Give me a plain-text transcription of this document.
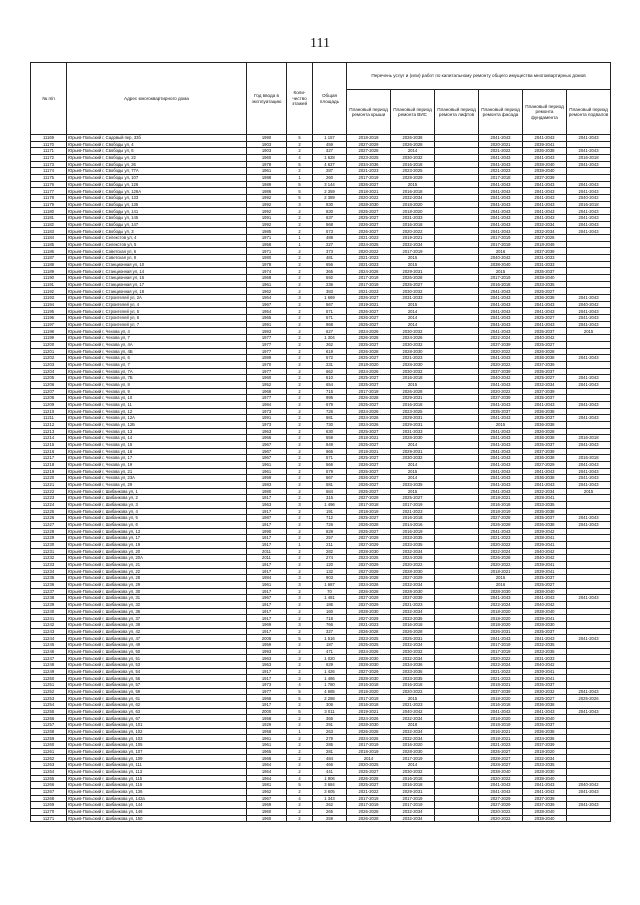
111
№ п/п	Адрес многоквартирного дома	Год ввода в эксплуатацию	Коли-чество этажей	Общая площадь	Перечень услуг и (или) работ по капитальному ремонту общего имущества многоквартирных домов					
					Плановый период ремонта крыши	Плановый период ремонта ВИС	Плановый период ремонта лифтов	Плановый период ремонта фасада	Плановый период ремонта фундамента	Плановый период ремонта подвалов
11169	Юрьев-Польский г, Садовый пер, 33б	1990	5	1 157	2018-2019	2026-2038		2041-2043	2041-2043	2041-2043
11170	Юрьев-Польский г, Свободы ул, 4	1903	2	459	2027-2029	2026-2028		2020-2021	2039-2041	
11171	Юрьев-Польский г, Свободы ул, 6	1903	2	327	2027-2028	2014		2021-2022	2036-2038	2041-2043
11172	Юрьев-Польский г, Свободы ул, 22	1960	4	1 628	2023-2025	2030-2032		2041-2043	2041-2043	2016-2018
11173	Юрьев-Польский г, Свободы ул, 26	1978	5	4 627	2034-2036	2016-2018		2041-2043	2038-2040	2041-2043
11174	Юрьев-Польский г, Свободы ул, 77А	1961	2	287	2021-2023	2023-2025		2021-2023	2038-2040	
11175	Юрьев-Польский г, Свободы ул, 107	1988	1	260	2017-2019	2028-2029		2017-2018	2037-2039	
11176	Юрьев-Польский г, Свободы ул, 126	1989	5	3 144	2026-2027	2015		2041-2043	2041-2043	2041-2043
11177	Юрьев-Польский г, Свободы ул, 126А	1986	5	2 359	2018-2021	2016-2018		2041-2043	2041-2043	2041-2043
11178	Юрьев-Польский г, Свободы ул, 133	1992	5	2 389	2020-2022	2032-2034		2041-2043	2041-2043	2040-2042
11179	Юрьев-Польский г, Свободы ул, 135	1992	3	830	2028-2030	2018-2020		2041-2043	2041-2043	2016-2018
11180	Юрьев-Польский г, Свободы ул, 141	1992	2	830	2025-2027	2018-2020		2041-2043	2041-2043	2041-2043
11181	Юрьев-Польский г, Свободы ул, 145	1991	2	637	2025-2027	2031-2033		2041-2043	2041-2043	2041-2043
11182	Юрьев-Польский г, Свободы ул, 147	1992	2	568	2026-2027	2016-2018		2041-2043	2032-2034	2041-2043
11183	Юрьев-Польский г, Свободы ул, 3	1985	2	573	2026-2027	2020-2022		2041-2043	2032-2034	2041-2043
11184	Юрьев-Польский г, Селекстов ул, 4	1971	1	488	2021-2023	2019-2021		2017-2019	2027-2028	
11185	Юрьев-Польский г, Селекстов ул, 5	1958	1	227	2024-2025	2032-2034		2017-2019	2018-2049	
11186	Юрьев-Польский г, Советская ул, 6	1971	2	373	2020-2022	2017-2019		2016	2037-2039	
11187	Юрьев-Польский г, Советская ул, 8	1980	2	481	2021-2023	2015		2040-2042	2031-2033	
11188	Юрьев-Польский г, Станционная ул, 10	1978	2	656	2021-2023	2015		2038-2040	2031-2033	
11189	Юрьев-Польский г, Станционная ул, 14	1974	2	365	2024-2026	2029-2031		2015	2035-2037	
11190	Юрьев-Польский г, Станционная ул, 16	1968	2	592	2017-2019	2026-2028		2017-2019	2038-2040	
11191	Юрьев-Польский г, Станционная ул, 17	1961	2	236	2017-2019	2025-2027		2016-2018	2033-2035	
11192	Юрьев-Польский г, Станционная ул, 18	1962	2	383	2021-2023	2030-2032		2041-2043	2025-2027	
11193	Юрьев-Польский г, Строителей ул, 2А	1964	3	1 669	2026-2027	2031-2033		2041-2043	2036-2038	2041-2043
11194	Юрьев-Польский г, Строителей ул, 4	1967	2	567	2019-2021	2015		2041-2043	2041-2043	2040-2042
11195	Юрьев-Польский г, Строителей ул, 5	1954	2	571	2026-2027	2014		2041-2043	2041-2043	2041-2043
11196	Юрьев-Польский г, Строителей ул, 6	1965	2	571	2026-2027	2014		2041-2043	2025-2027	2041-2043
11197	Юрьев-Польский г, Строителей ул, 7	1991	2	868	2025-2027	2014		2041-2043	2041-2043	2041-2043
11198	Юрьев-Польский г, Чехова ул, 4	1983	2	627	2024-2026	2030-2032		2041-2043	2035-2037	2015
11199	Юрьев-Польский г, Чехова ул, 7	1977	2	1 304	2026-2028	2024-2026		2022-2024	2040-2042	
11200	Юрьев-Польский г, Чехова ул, 4А	1977	2	262	2025-2027	2030-2032		2037-2039	2025-2027	
11201	Юрьев-Польский г, Чехова ул, 4Б	1977	2	619	2026-2028	2028-2030		2020-2022	2026-2028	
11202	Юрьев-Польский г, Чехова ул, 6	1989	2	572	2025-2027	2021-2023		2041-2043	2036-2038	2041-2043
11203	Юрьев-Польский г, Чехова ул, 7	1970	2	231	2018-2020	2028-2030		2020-2022	2037-2039	
11204	Юрьев-Польский г, Чехова ул, 7А	1977	2	662	2024-2026	2030-2032		2037-2039	2035-2037	
11205	Юрьев-Польский г, Чехова ул, 7Б	1960	2	610	2025-2027	2016-2018		2040-2042	2025-2027	2041-2043
11206	Юрьев-Польский г, Чехова ул, 8	1952	2	654	2025-2027	2015		2041-2043	2032-2034	2041-2043
11207	Юрьев-Польский г, Чехова ул, 9	1968	2	715	2017-2019	2026-2028		2020-2022	2037-2039	
11208	Юрьев-Польский г, Чехова ул, 10	1977	2	995	2026-2028	2029-2031		2037-2039	2035-2037	
11209	Юрьев-Польский г, Чехова ул, 11	1984	2	679	2025-2027	2016-2018		2041-2043	2041-2043	2041-2043
11210	Юрьев-Польский г, Чехова ул, 12	1973	2	726	2024-2026	2023-2025		2035-2037	2036-2038	
11211	Юрьев-Польский г, Чехова ул, 12А	1991	2	681	2024-2026	2029-2031		2041-2043	2035-2037	2041-2043
11212	Юрьев-Польский г, Чехова ул, 12Б	1973	2	730	2024-2026	2029-2031		2015	2036-2038	
11213	Юрьев-Польский г, Чехова ул, 13	1963	2	630	2025-2027	2031-2033		2041-2043	2026-2028	
11214	Юрьев-Польский г, Чехова ул, 14	1966	2	559	2018-2021	2028-2030		2041-2043	2036-2038	2016-2018
11215	Юрьев-Польский г, Чехова ул, 15	1967	2	849	2025-2027	2014		2041-2043	2035-2037	2041-2043
11216	Юрьев-Польский г, Чехова ул, 16	1967	2	966	2018-2021	2029-2031		2041-2043	2037-2039	
11217	Юрьев-Польский г, Чехова ул, 17	1967	2	571	2025-2027	2030-2032		2041-2043	2036-2038	2016-2018
11218	Юрьев-Польский г, Чехова ул, 19	1961	2	566	2026-2027	2014		2041-2043	2027-2029	2041-2043
11219	Юрьев-Польский г, Чехова ул, 21	1961	2	579	2025-2027	2015		2041-2043	2041-2043	2041-2043
11220	Юрьев-Польский г, Чехова ул, 23А	1959	2	567	2026-2027	2014		2041-2043	2036-2038	2041-2043
11221	Юрьев-Польский г, Чехова ул, 29	1983	2	581	2026-2027	2033-2035		2041-2043	2041-2043	2041-2043
11222	Юрьев-Польский г, Шибанкова ул, 1	1980	2	584	2025-2027	2015		2041-2043	2032-2034	2015
11223	Юрьев-Польский г, Шибанкова ул, 2	1917	2	315	2027-2029	2025-2027		2018-2021	2028-2041	
11224	Юрьев-Польский г, Шибанкова ул, 3	1963	3	1 496	2017-2018	2017-2019		2016-2018	2033-2035	
11225	Юрьев-Польский г, Шибанкова ул, 4	1917	2	191	2018-2019	2021-2023		2018-2019	2035-2038	
11226	Юрьев-Польский г, Шибанкова ул, 5	1987	2	712	2025-2027	2016-2018		2027-2028	2035-2037	2041-2043
11227	Юрьев-Польский г, Шибанкова ул, 6	1917	2	726	2026-2028	2014-2016		2026-2028	2036-2038	2041-2043
11228	Юрьев-Польский г, Шибанкова ул, 13	1990	2	829	2025-2027	2016-2019		2041-2043	2039-2042	
11229	Юрьев-Польский г, Шибанкова ул, 17	1917	2	257	2027-2029	2033-2035		2021-2023	2038-2041	
11230	Юрьев-Польский г, Шибанкова ул, 19	1917	1	211	2027-2029	2033-2035		2020-2022	2039-2041	
11231	Юрьев-Польский г, Шибанкова ул, 20	2011	2	282	2028-2030	2032-2034		2022-2024	2040-2042	
11232	Юрьев-Польский г, Шибанкова ул, 20А	2011	2	274	2023-2025	2024-2026		2026-2028	2040-2042	
11233	Юрьев-Польский г, Шибанкова ул, 21	1917	2	120	2027-2029	2020-2022		2020-2022	2039-2041	
11234	Юрьев-Польский г, Шибанкова ул, 22	1917	2	132	2027-2029	2028-2030		2018-2021	2039-2041	
11235	Юрьев-Польский г, Шибанкова ул, 28	1984	3	903	2026-2028	2027-2029		2015	2035-2037	
11236	Юрьев-Польский г, Шибанкова ул, 29	1961	3	1 687	2024-2026	2032-2034		2016	2025-2027	
11237	Юрьев-Польский г, Шибанкова ул, 30	1917	2	70	2026-2028	2028-2030		2028-2030	2038-2040	
11238	Юрьев-Польский г, Шибанкова ул, 31	1967	3	1 481	2027-2029	2037-2039		2041-2043	2041-2043	2041-2043
11239	Юрьев-Польский г, Шибанкова ул, 32	1917	2	186	2027-2029	2021-2023		2022-2024	2040-2042	
11240	Юрьев-Польский г, Шибанкова ул, 36	1917	2	160	2028-2030	2032-2034		2018-2020	2038-2040	
11241	Юрьев-Польский г, Шибанкова ул, 37	1917	2	718	2027-2029	2033-2035		2018-2020	2039-2041	
11242	Юрьев-Польский г, Шибанкова ул, 38	1969	3	766	2021-2023	2016-2018		2018-2020	2028-2030	
11243	Юрьев-Польский г, Шибанкова ул, 42	1917	2	327	2026-2028	2026-2028		2026-2031	2035-2037	
11244	Юрьев-Польский г, Шибанкова ул, 47	2008	5	1 516	2023-2025	2025-2031		2041-2043	2041-2043	2041-2043
11245	Юрьев-Польский г, Шибанкова ул, 49	1959	2	187	2025-2025	2032-2034		2017-2019	2032-2035	
11246	Юрьев-Польский г, Шибанкова ул, 50	1993	2	471	2024-2026	2030-2032		2017-2019	2033-2035	
11247	Юрьев-Польский г, Шибанкова ул, 51	1963	3	1 020	2028-2030	2032-2034		2020-2022	2031-2033	
11248	Юрьев-Польский г, Шибанкова ул, 53	1963	2	629	2028-2030	2034-2036		2022-2024	2040-2042	
11249	Юрьев-Польский г, Шибанкова ул, 54	1917	2	1 426	2027-2029	2033-2035		2021-2023	2039-2041	
11250	Юрьев-Польский г, Шибанкова ул, 56	1917	3	1 486	2028-2030	2033-2035		2021-2023	2039-2041	
11251	Юрьев-Польский г, Шибанкова ул, 57	1973	4	1 780	2016-2018	2016-2018		2018-2021	2035-2037	
11252	Юрьев-Польский г, Шибанкова ул, 59	1977	5	4 685	2018-2020	2020-2022		2037-2039	2030-2032	2041-2043
11253	Юрьев-Польский г, Шибанкова ул, 61	1968	5	2 288	2017-2019	2015		2018-2020	2025-2027	2025-2026
11254	Юрьев-Польский г, Шибанкова ул, 62	1917	2	306	2016-2018	2021-2023		2016-2018	2036-2038	
11255	Юрьев-Польский г, Шибанкова ул, 63	2000	5	3 011	2019-2021	2040-2042		2041-2043	2041-2043	2041-2043
11256	Юрьев-Польский г, Шибанкова ул, 67	1958	2	365	2024-2026	2032-2034		2018-2020	2039-2040	
11257	Юрьев-Польский г, Шибанкова ул, 101	1929	2	291	2028-2030	2018		2018-2019	2035-2037	
11258	Юрьев-Польский г, Шибанкова ул, 102	1958	1	263	2026-2028	2032-2034		2016-2021	2036-2038	
11259	Юрьев-Польский г, Шибанкова ул, 103	1961	2	279	2024-2026	2032-2034		2018-2021	2034-2036	
11260	Юрьев-Польский г, Шибанкова ул, 105	1961	2	285	2017-2019	2016-2020		2021-2023	2037-2039	
11261	Юрьев-Польский г, Шибанкова ул, 107	1965	2	281	2018-2019	2028-2030		2025-2027	2018-2020	
11262	Юрьев-Польский г, Шибанкова ул, 109	1966	2	484	2014	2017-2019		2028-2027	2032-2034	
11263	Юрьев-Польский г, Шибанкова ул, 111	1964	2	466	2020-2025	2014		2028-2027	2033-2035	
11264	Юрьев-Польский г, Шибанкова ул, 113	1964	2	441	2025-2027	2030-2032		2038-2040	2028-2030	
11265	Юрьев-Польский г, Шибанкова ул, 115	1964	4	1 906	2026-2028	2016-2018		2020-2022	2038-2040	
11266	Юрьев-Польский г, Шибанкова ул, 116	1981	5	3 684	2025-2027	2016-2018		2041-2043	2041-2043	2040-2042
11267	Юрьев-Польский г, Шибанкова ул, 136	1962	2	3 605	2021-2022	2029-2031		2041-2043	2041-2043	2041-2043
11268	Юрьев-Польский г, Шибанкова ул, 142а	1967	4	1 343	2017-2019	2017-2019		2027-2029	2037-2039	
11269	Юрьев-Польский г, Шибанкова ул, 144	1969	2	262	2017-2019	2017-2019		2027-2029	2037-2039	2041-2043
11270	Юрьев-Польский г, Шибанкова ул, 146	1960	2	265	2026-2028	2032-2034		2020-2022	2038-2040	
11271	Юрьев-Польский г, Шибанкова ул, 150	1960	2	259	2026-2028	2032-2034		2020-2022	2038-2040	
